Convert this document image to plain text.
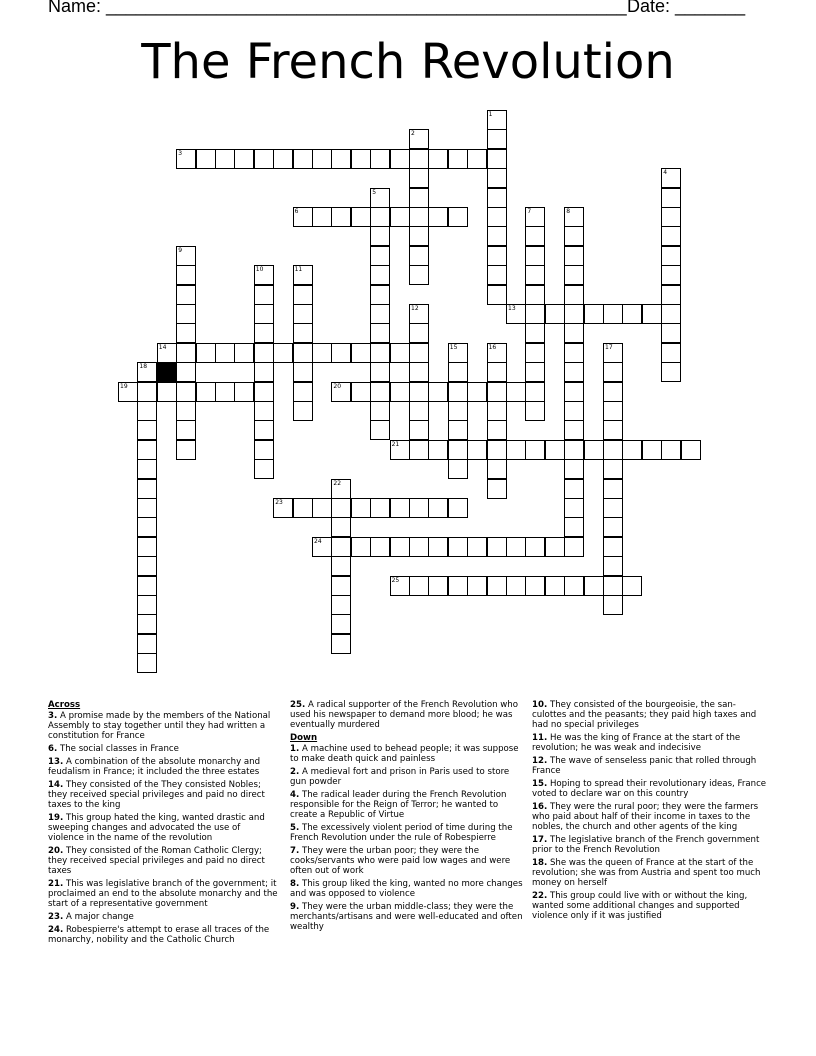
Name: ____________________________________________________ Date: _______
The French Revolution
1
2
3
4
5
6	7	8
9
10	11
12	13
14	15	16	17
18
19	20
21
22
23
24
25
Across
3. A promise made by the members of the National Assembly to stay together until they had written a constitution for France
6. The social classes in France
13. A combination of the absolute monarchy and feudalism in France; it included the three estates
14. They consisted of the They consisted Nobles; they received special privileges and paid no direct taxes to the king
19. This group hated the king, wanted drastic and sweeping changes and advocated the use of violence in the name of the revolution
20. They consisted of the Roman Catholic Clergy; they received special privileges and paid no direct taxes
21. This was legislative branch of the government; it proclaimed an end to the absolute monarchy and the start of a representative government
23. A major change
24. Robespierre's attempt to erase all traces of the monarchy, nobility and the Catholic Church
25. A radical supporter of the French Revolution who used his newspaper to demand more blood; he was eventually murdered
Down
1. A machine used to behead people; it was suppose to make death quick and painless
2. A medieval fort and prison in Paris used to store gun powder
4. The radical leader during the French Revolution responsible for the Reign of Terror; he wanted to create a Republic of Virtue
5. The excessively violent period of time during the French Revolution under the rule of Robespierre
7. They were the urban poor; they were the cooks/servants who were paid low wages and were often out of work
8. This group liked the king, wanted no more changes and was opposed to violence
9. They were the urban middle-class; they were the merchants/artisans and were well-educated and often wealthy
10. They consisted of the bourgeoisie, the san-culottes and the peasants; they paid high taxes and had no special privileges
11. He was the king of France at the start of the revolution; he was weak and indecisive
12. The wave of senseless panic that rolled through France
15. Hoping to spread their revolutionary ideas, France voted to declare war on this country
16. They were the rural poor; they were the farmers who paid about half of their income in taxes to the nobles, the church and other agents of the king
17. The legislative branch of the French government prior to the French Revolution
18. She was the queen of France at the start of the revolution; she was from Austria and spent too much money on herself
22. This group could live with or without the king, wanted some additional changes and supported violence only if it was justified
